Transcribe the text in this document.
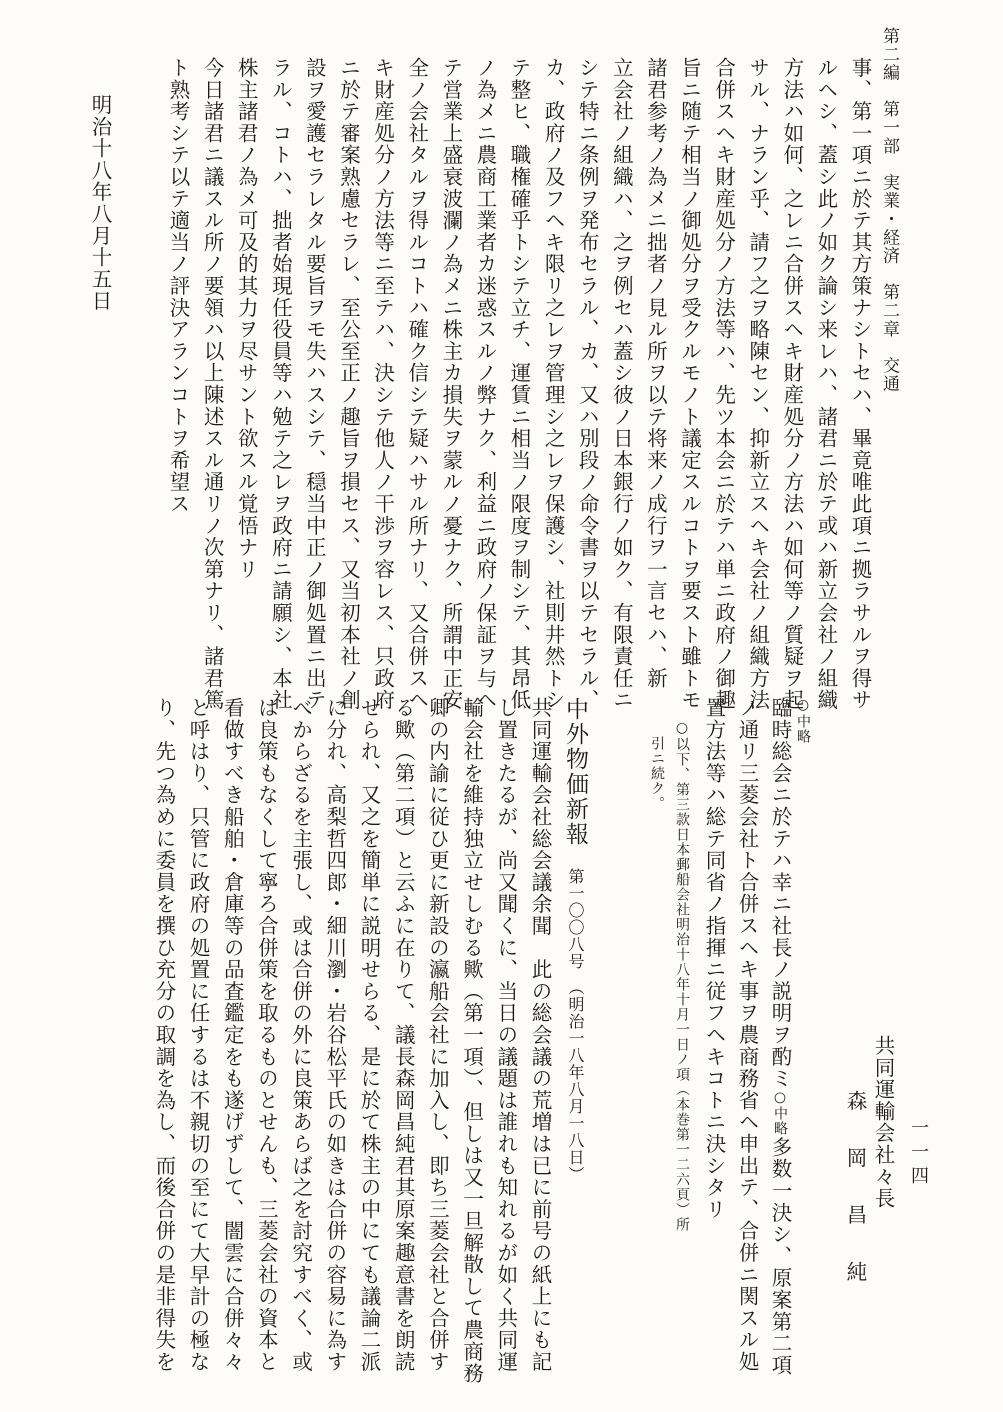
第二編　第一部　実業・経済　第二章　交通
一一四
事、第一項ニ於テ其方策ナシトセハ、畢竟唯此項ニ拠ラサルヲ得サ
ルヘシ、蓋シ此ノ如ク論シ来レハ、諸君ニ於テ或ハ新立会社ノ組織
方法ハ如何、之レニ合併スヘキ財産処分ノ方法ハ如何等ノ質疑ヲ起
サル、ナラン乎、請フ之ヲ略陳セン、抑新立スヘキ会社ノ組織方法
合併スヘキ財産処分ノ方法等ハ、先ツ本会ニ於テハ単ニ政府ノ御趣
旨ニ随テ相当ノ御処分ヲ受クルモノト議定スルコトヲ要スト雖トモ
諸君参考ノ為メニ拙者ノ見ル所ヲ以テ将来ノ成行ヲ一言セハ、新
立会社ノ組織ハ、之ヲ例セハ蓋シ彼ノ日本銀行ノ如ク、有限責任ニ
シテ特ニ条例ヲ発布セラル、カ、又ハ別段ノ命令書ヲ以テセラル、
カ、政府ノ及フヘキ限リ之レヲ管理シ之レヲ保護シ、社則井然トシ
テ整ヒ、職権確乎トシテ立チ、運賃ニ相当ノ限度ヲ制シテ、其昂低
ノ為メニ農商工業者カ迷惑スルノ弊ナク、利益ニ政府ノ保証ヲ与ヘ
テ営業上盛衰波瀾ノ為メニ株主カ損失ヲ蒙ルノ憂ナク、所謂中正安
全ノ会社タルヲ得ルコトハ確ク信シテ疑ハサル所ナリ、又合併スヘ
キ財産処分ノ方法等ニ至テハ、決シテ他人ノ干渉ヲ容レス、只政府
ニ於テ審案熟慮セラレ、至公至正ノ趣旨ヲ損セス、又当初本社ノ創
設ヲ愛護セラレタル要旨ヲモ失ハスシテ、穏当中正ノ御処置ニ出テ
ラル、コトハ、拙者始現任役員等ハ勉テ之レヲ政府ニ請願シ、本社
株主諸君ノ為メ可及的其力ヲ尽サント欲スル覚悟ナリ
今日諸君ニ議スル所ノ要領ハ以上陳述スル通リノ次第ナリ、諸君篤
ト熟考シテ以テ適当ノ評決アランコトヲ希望ス
明治十八年八月十五日
共同運輸会社々長
森　岡　昌　純
○中略
臨時総会ニ於テハ幸ニ社長ノ説明ヲ酌ミ○中略多数一決シ、原案第二項
ノ通リ三菱会社ト合併スヘキ事ヲ農商務省ヘ申出テ、合併ニ関スル処
置方法等ハ総テ同省ノ指揮ニ従フヘキコトニ決シタリ
○以下、第三款日本郵船会社明治十八年十月一日ノ項（本巻第一二六頁）所
引ニ続ク。
中外物価新報
第一〇〇八号　（明治一八年八月一八日）
共同運輸会社総会議余聞　此の総会議の荒増は已に前号の紙上にも記
し置きたるが、尚又聞くに、当日の議題は誰れも知れるが如く共同運
輸会社を維持独立せしむる歟（第一項）、但しは又一旦解散して農商務
卿の内諭に従ひ更に新設の瀛船会社に加入し、即ち三菱会社と合併す
る歟（第二項）と云ふに在りて、議長森岡昌純君其原案趣意書を朗読
せられ、又之を簡単に説明せらる、是に於て株主の中にても議論二派
に分れ、高梨哲四郎・細川瀏・岩谷松平氏の如きは合併の容易に為す
べからざるを主張し、或は合併の外に良策あらば之を討究すべく、或
は良策もなくして寧ろ合併策を取るものとせんも、三菱会社の資本と
看做すべき船舶・倉庫等の品査鑑定をも遂げずして、闇雲に合併々々
と呼はり、只管に政府の処置に任するは不親切の至にて大早計の極な
り、先つ為めに委員を撰ひ充分の取調を為し、而後合併の是非得失を
